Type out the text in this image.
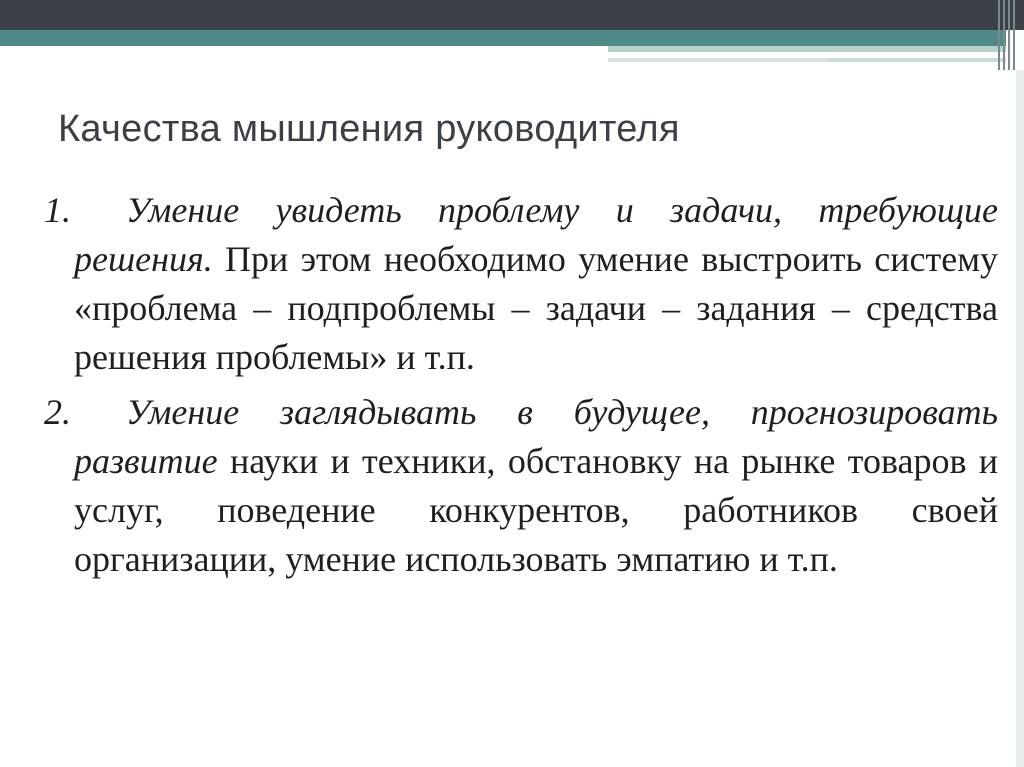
Качества мышления руководителя
1. Умение увидеть проблему и задачи, требующие решения. При этом необходимо умение выстроить систему «проблема – подпроблемы – задачи – задания – средства решения проблемы» и т.п.
2. Умение заглядывать в будущее, прогнозировать развитие науки и техники, обстановку на рынке товаров и услуг, поведение конкурентов, работников своей организации, умение использовать эмпатию и т.п.
